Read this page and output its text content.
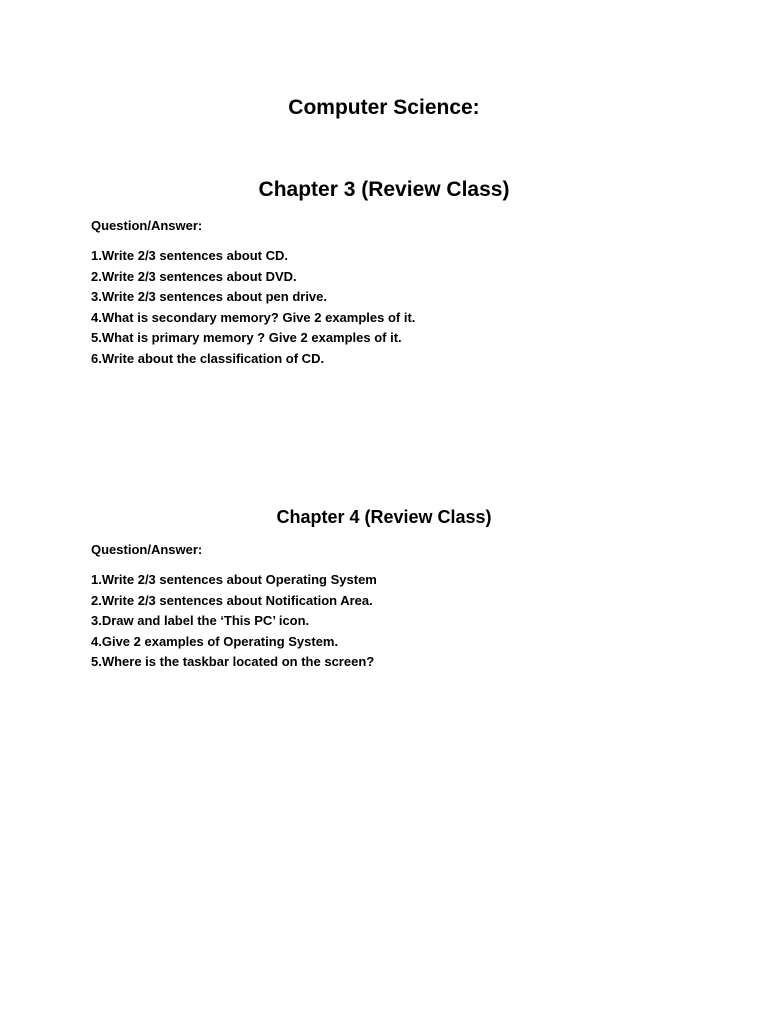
Computer Science:
Chapter 3 (Review Class)

Question/Answer:

1.Write 2/3 sentences about CD.
2.Write 2/3 sentences about DVD.
3.Write 2/3 sentences about pen drive.
4.What is secondary memory? Give 2 examples of it.
5.What is primary memory ? Give 2 examples of it.
6.Write about the classification of CD.
Chapter 4 (Review Class)

Question/Answer:

1.Write 2/3 sentences about Operating System
2.Write 2/3 sentences about Notification Area.
3.Draw and label the ‘This PC’ icon.
4.Give 2 examples of Operating System.
5.Where is the taskbar located on the screen?
